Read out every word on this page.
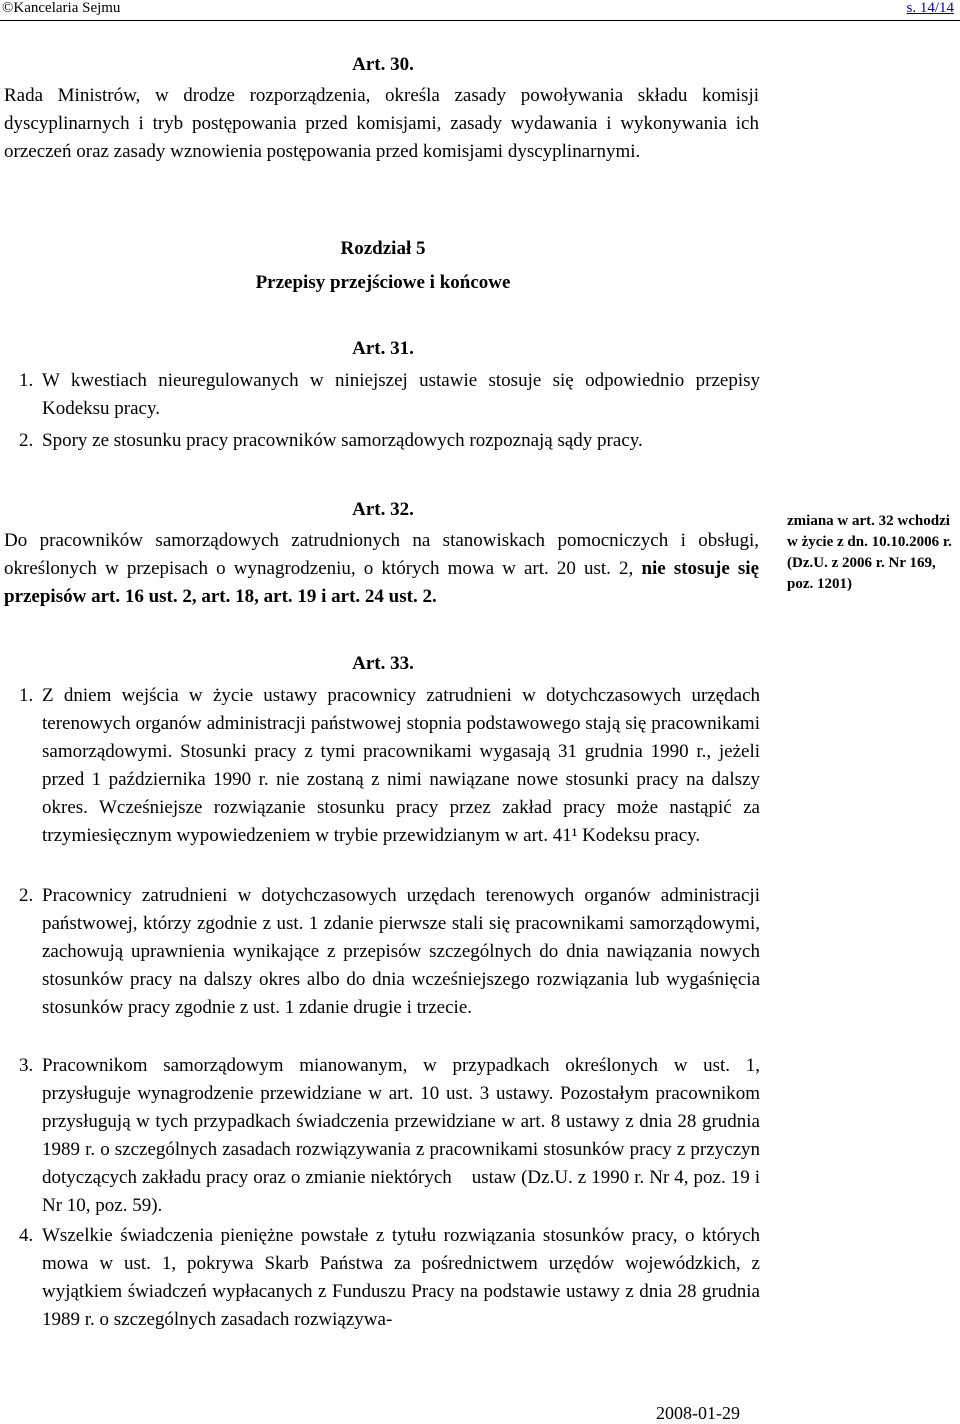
©Kancelaria Sejmu	s. 14/14
Art. 30.
Rada Ministrów, w drodze rozporządzenia, określa zasady powoływania składu komisji dyscyplinarnych i tryb postępowania przed komisjami, zasady wydawania i wykonywania ich orzeczeń oraz zasady wznowienia postępowania przed komisjami dyscyplinarnymi.
Rozdział 5
Przepisy przejściowe i końcowe
Art. 31.
1. W kwestiach nieuregulowanych w niniejszej ustawie stosuje się odpowiednio przepisy Kodeksu pracy.
2. Spory ze stosunku pracy pracowników samorządowych rozpoznają sądy pracy.
Art. 32.
Do pracowników samorządowych zatrudnionych na stanowiskach pomocniczych i obsługi, określonych w przepisach o wynagrodzeniu, o których mowa w art. 20 ust. 2, nie stosuje się przepisów art. 16 ust. 2, art. 18, art. 19 i art. 24 ust. 2.
zmiana w art. 32 wchodzi w życie z dn. 10.10.2006 r. (Dz.U. z 2006 r. Nr 169, poz. 1201)
Art. 33.
1. Z dniem wejścia w życie ustawy pracownicy zatrudnieni w dotychczasowych urzędach terenowych organów administracji państwowej stopnia podstawowego stają się pracownikami samorządowymi. Stosunki pracy z tymi pracownikami wygasają 31 grudnia 1990 r., jeżeli przed 1 października 1990 r. nie zostaną z nimi nawiązane nowe stosunki pracy na dalszy okres. Wcześniejsze rozwiązanie stosunku pracy przez zakład pracy może nastąpić za trzymiesięcznym wypowiedzeniem w trybie przewidzianym w art. 41¹ Kodeksu pracy.
2. Pracownicy zatrudnieni w dotychczasowych urzędach terenowych organów administracji państwowej, którzy zgodnie z ust. 1 zdanie pierwsze stali się pracownikami samorządowymi, zachowują uprawnienia wynikające z przepisów szczególnych do dnia nawiązania nowych stosunków pracy na dalszy okres albo do dnia wcześniejszego rozwiązania lub wygaśnięcia stosunków pracy zgodnie z ust. 1 zdanie drugie i trzecie.
3. Pracownikom samorządowym mianowanym, w przypadkach określonych w ust. 1, przysługuje wynagrodzenie przewidziane w art. 10 ust. 3 ustawy. Pozostałym pracownikom przysługują w tych przypadkach świadczenia przewidziane w art. 8 ustawy z dnia 28 grudnia 1989 r. o szczególnych zasadach rozwiązywania z pracownikami stosunków pracy z przyczyn dotyczących zakładu pracy oraz o zmianie niektórych    ustaw (Dz.U. z 1990 r. Nr 4, poz. 19 i Nr 10, poz. 59).
4. Wszelkie świadczenia pieniężne powstałe z tytułu rozwiązania stosunków pracy, o których mowa w ust. 1, pokrywa Skarb Państwa za pośrednictwem urzędów wojewódzkich, z wyjątkiem świadczeń wypłacanych z Funduszu Pracy na podstawie ustawy z dnia 28 grudnia 1989 r. o szczególnych zasadach rozwiązywa-
2008-01-29
